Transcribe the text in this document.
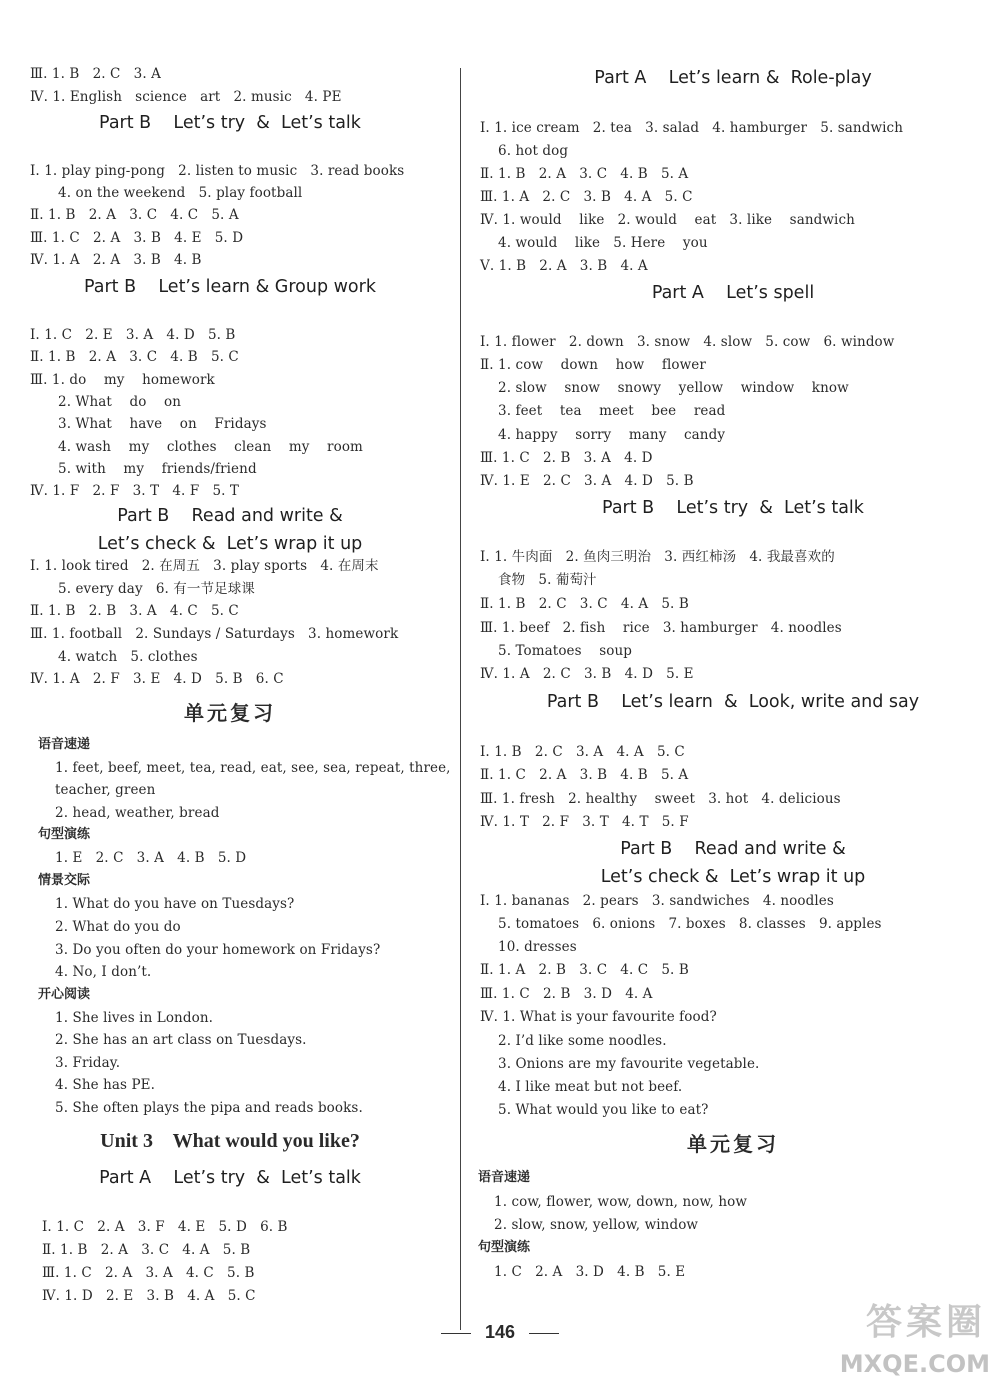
Ⅲ. 1. B   2. C   3. A
Ⅳ. 1. English   science   art   2. music   4. PE
Part B    Let’s try  &  Let’s talk
Ⅰ. 1. play ping-pong   2. listen to music   3. read books
4. on the weekend   5. play football
Ⅱ. 1. B   2. A   3. C   4. C   5. A
Ⅲ. 1. C   2. A   3. B   4. E   5. D
Ⅳ. 1. A   2. A   3. B   4. B
Part B    Let’s learn & Group work
Ⅰ. 1. C   2. E   3. A   4. D   5. B
Ⅱ. 1. B   2. A   3. C   4. B   5. C
Ⅲ. 1. do    my    homework
2. What    do    on
3. What    have    on    Fridays
4. wash    my    clothes    clean    my    room
5. with    my    friends/friend
Ⅳ. 1. F   2. F   3. T   4. F   5. T
Part B    Read and write &
Let’s check &  Let’s wrap it up
Ⅰ. 1. look tired   2. 在周五   3. play sports   4. 在周末
5. every day   6. 有一节足球课
Ⅱ. 1. B   2. B   3. A   4. C   5. C
Ⅲ. 1. football   2. Sundays / Saturdays   3. homework
4. watch   5. clothes
Ⅳ. 1. A   2. F   3. E   4. D   5. B   6. C
单元复习
语音速递
1. feet, beef, meet, tea, read, eat, see, sea, repeat, three,
teacher, green
2. head, weather, bread
句型演练
1. E   2. C   3. A   4. B   5. D
情景交际
1. What do you have on Tuesdays?
2. What do you do
3. Do you often do your homework on Fridays?
4. No, I don’t.
开心阅读
1. She lives in London.
2. She has an art class on Tuesdays.
3. Friday.
4. She has PE.
5. She often plays the pipa and reads books.
Unit 3    What would you like?
Part A    Let’s try  &  Let’s talk
Ⅰ. 1. C   2. A   3. F   4. E   5. D   6. B
Ⅱ. 1. B   2. A   3. C   4. A   5. B
Ⅲ. 1. C   2. A   3. A   4. C   5. B
Ⅳ. 1. D   2. E   3. B   4. A   5. C
Part A    Let’s learn &  Role-play
Ⅰ. 1. ice cream   2. tea   3. salad   4. hamburger   5. sandwich
6. hot dog
Ⅱ. 1. B   2. A   3. C   4. B   5. A
Ⅲ. 1. A   2. C   3. B   4. A   5. C
Ⅳ. 1. would    like   2. would    eat   3. like    sandwich
4. would    like   5. Here    you
Ⅴ. 1. B   2. A   3. B   4. A
Part A    Let’s spell
Ⅰ. 1. flower   2. down   3. snow   4. slow   5. cow   6. window
Ⅱ. 1. cow    down    how    flower
2. slow    snow    snowy    yellow    window    know
3. feet    tea    meet    bee    read
4. happy    sorry    many    candy
Ⅲ. 1. C   2. B   3. A   4. D
Ⅳ. 1. E   2. C   3. A   4. D   5. B
Part B    Let’s try  &  Let’s talk
Ⅰ. 1. 牛肉面   2. 鱼肉三明治   3. 西红柿汤   4. 我最喜欢的
食物   5. 葡萄汁
Ⅱ. 1. B   2. C   3. C   4. A   5. B
Ⅲ. 1. beef   2. fish    rice   3. hamburger   4. noodles
5. Tomatoes    soup
Ⅳ. 1. A   2. C   3. B   4. D   5. E
Part B    Let’s learn  &  Look, write and say
Ⅰ. 1. B   2. C   3. A   4. A   5. C
Ⅱ. 1. C   2. A   3. B   4. B   5. A
Ⅲ. 1. fresh   2. healthy    sweet   3. hot   4. delicious
Ⅳ. 1. T   2. F   3. T   4. T   5. F
Part B    Read and write &
Let’s check &  Let’s wrap it up
Ⅰ. 1. bananas   2. pears   3. sandwiches   4. noodles
5. tomatoes   6. onions   7. boxes   8. classes   9. apples
10. dresses
Ⅱ. 1. A   2. B   3. C   4. C   5. B
Ⅲ. 1. C   2. B   3. D   4. A
Ⅳ. 1. What is your favourite food?
2. I’d like some noodles.
3. Onions are my favourite vegetable.
4. I like meat but not beef.
5. What would you like to eat?
单元复习
语音速递
1. cow, flower, wow, down, now, how
2. slow, snow, yellow, window
句型演练
1. C   2. A   3. D   4. B   5. E
146	答案圈
MXQE.COM
